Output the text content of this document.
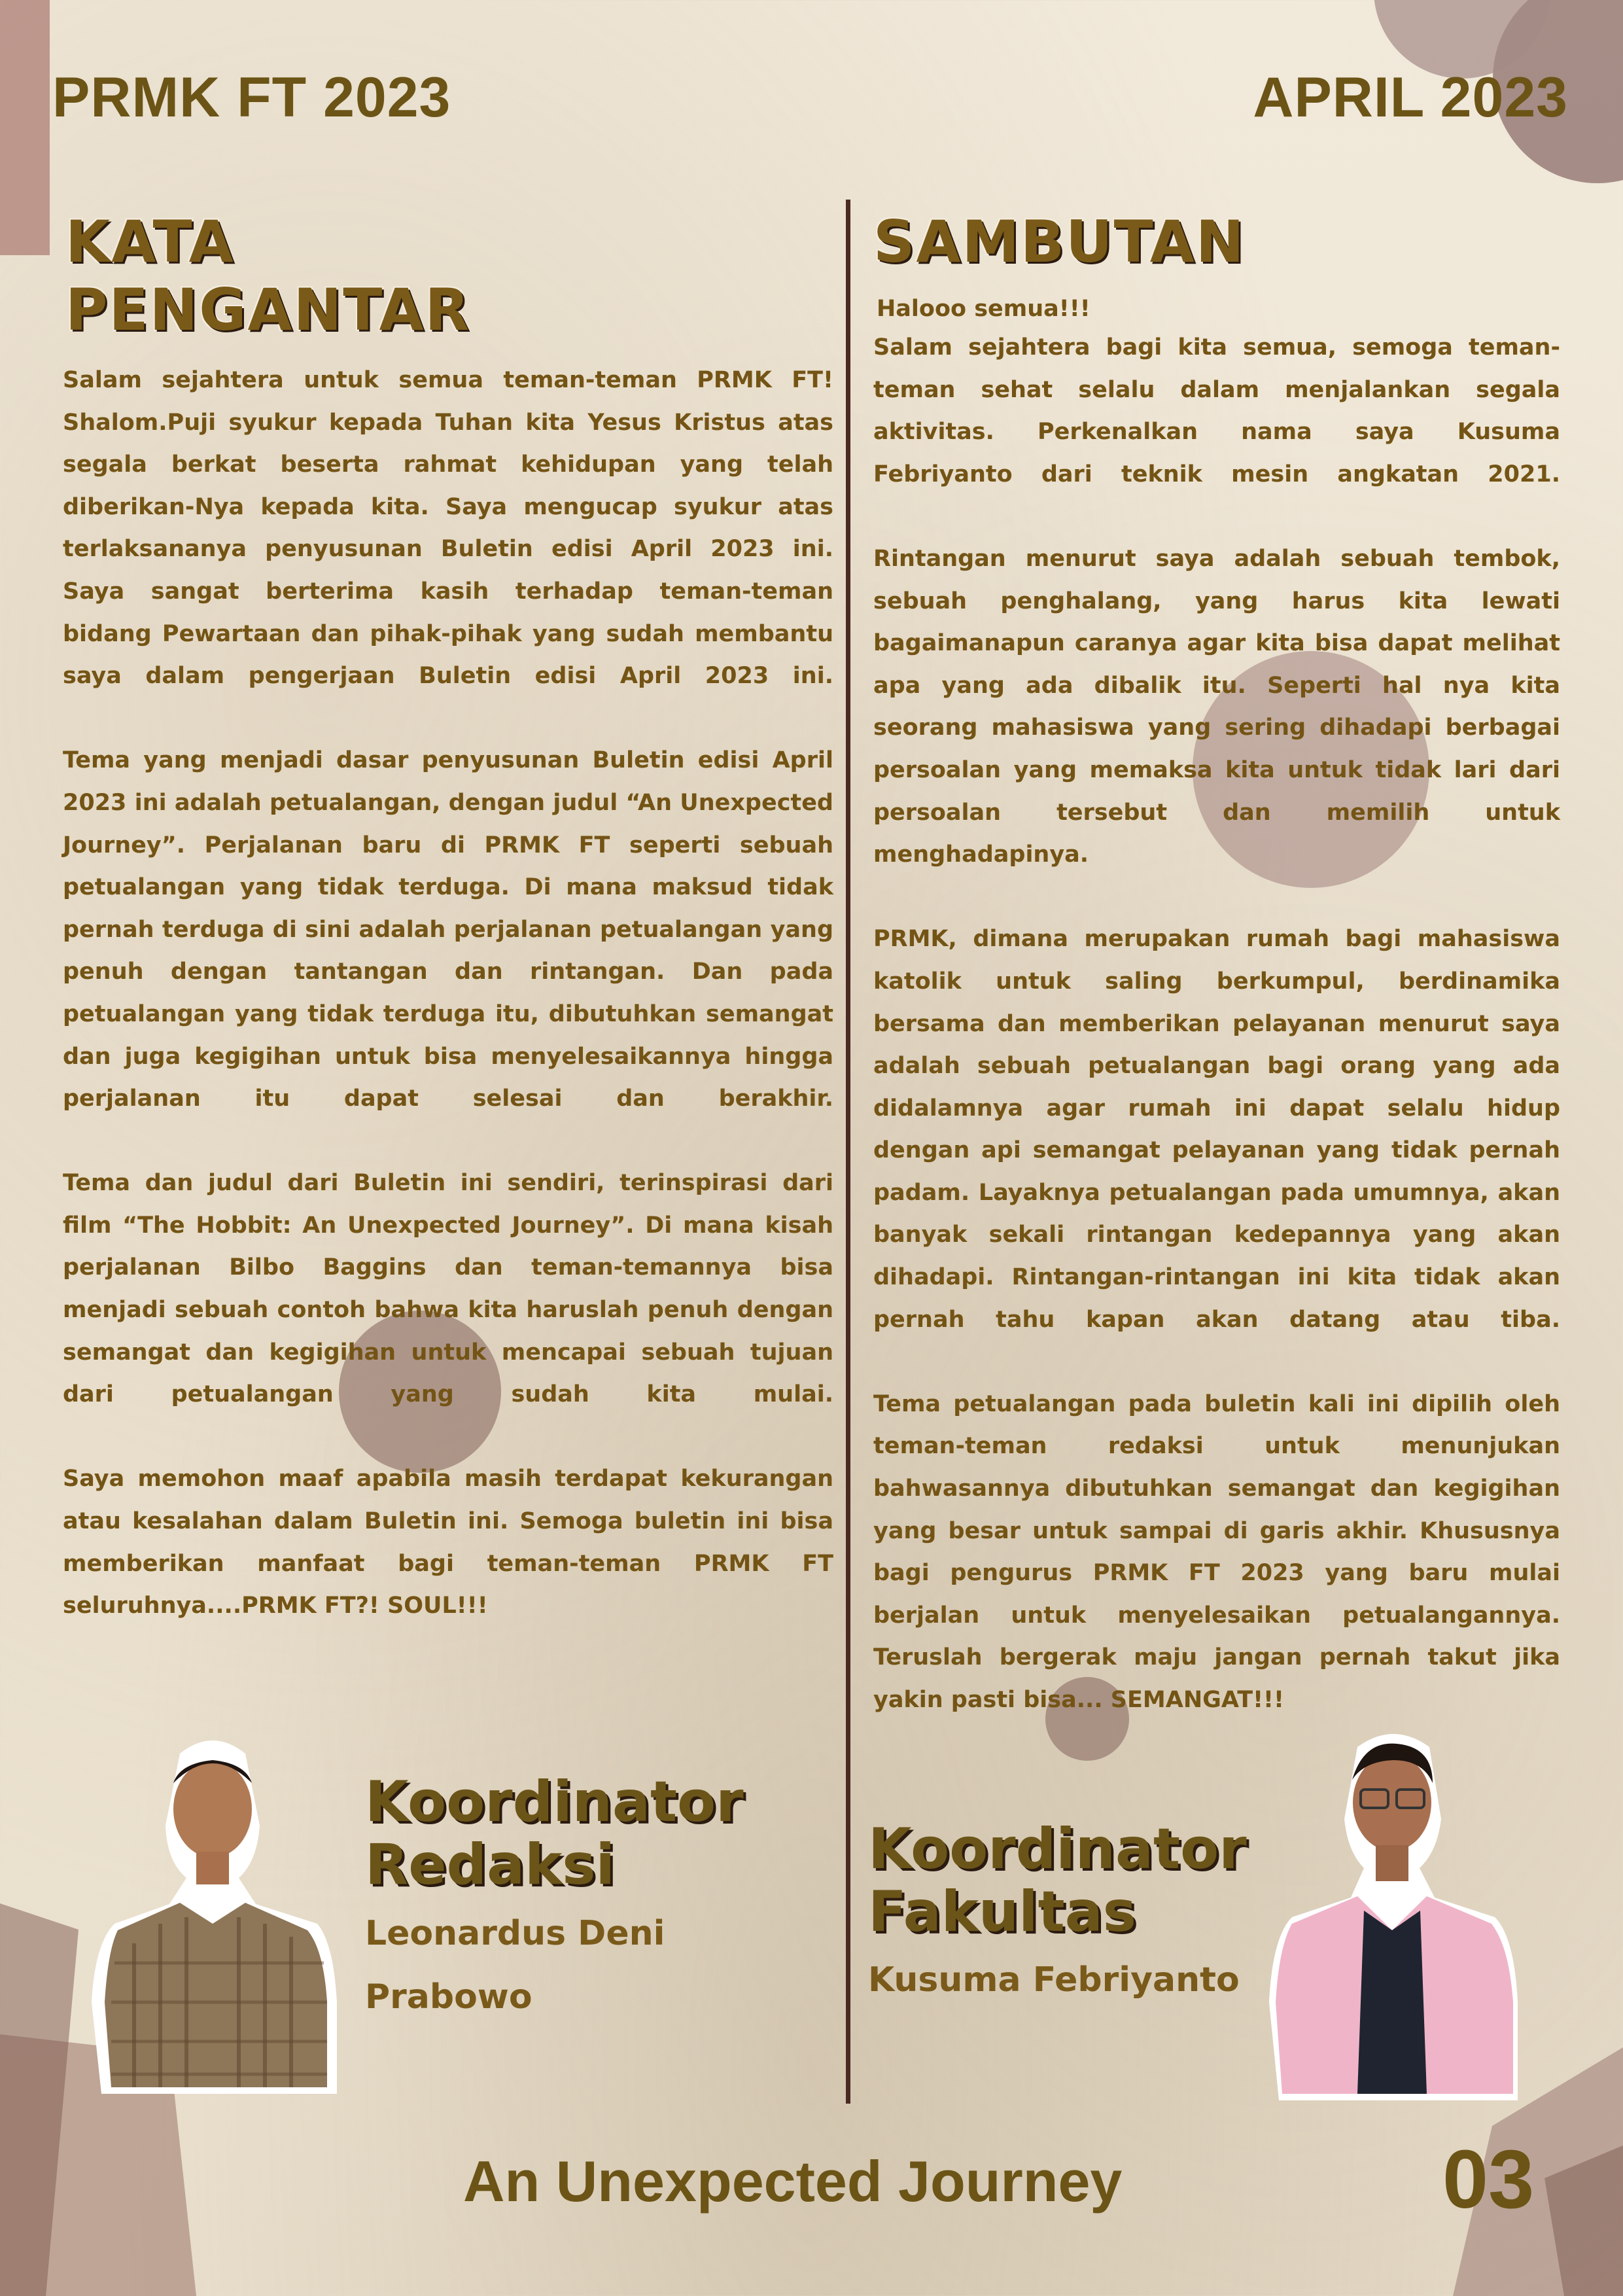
PRMK FT 2023	APRIL 2023
KATA
PENGANTAR

Salam sejahtera untuk semua teman-teman PRMK FT! Shalom.Puji syukur kepada Tuhan kita Yesus Kristus atas segala berkat beserta rahmat kehidupan yang telah diberikan-Nya kepada kita. Saya mengucap syukur atas terlaksananya penyusunan Buletin edisi April 2023 ini. Saya sangat berterima kasih terhadap teman-teman bidang Pewartaan dan pihak-pihak yang sudah membantu saya dalam pengerjaan Buletin edisi April 2023 ini.

Tema yang menjadi dasar penyusunan Buletin edisi April 2023 ini adalah petualangan, dengan judul “An Unexpected Journey”. Perjalanan baru di PRMK FT seperti sebuah petualangan yang tidak terduga. Di mana maksud tidak pernah terduga di sini adalah perjalanan petualangan yang penuh dengan tantangan dan rintangan. Dan pada petualangan yang tidak terduga itu, dibutuhkan semangat dan juga kegigihan untuk bisa menyelesaikannya hingga perjalanan itu dapat selesai dan berakhir.

Tema dan judul dari Buletin ini sendiri, terinspirasi dari film “The Hobbit: An Unexpected Journey”. Di mana kisah perjalanan Bilbo Baggins dan teman-temannya bisa menjadi sebuah contoh bahwa kita haruslah penuh dengan semangat dan kegigihan untuk mencapai sebuah tujuan dari petualangan yang sudah kita mulai.

Saya memohon maaf apabila masih terdapat kekurangan atau kesalahan dalam Buletin ini. Semoga buletin ini bisa memberikan manfaat bagi teman-teman PRMK FT seluruhnya....PRMK FT?! SOUL!!!

SAMBUTAN
Halooo semua!!!

Salam sejahtera bagi kita semua, semoga teman-teman sehat selalu dalam menjalankan segala aktivitas. Perkenalkan nama saya Kusuma Febriyanto dari teknik mesin angkatan 2021.

Rintangan menurut saya adalah sebuah tembok, sebuah penghalang, yang harus kita lewati bagaimanapun caranya agar kita bisa dapat melihat apa yang ada dibalik itu. Seperti hal nya kita seorang mahasiswa yang sering dihadapi berbagai persoalan yang memaksa kita untuk tidak lari dari persoalan tersebut dan memilih untuk menghadapinya.

PRMK, dimana merupakan rumah bagi mahasiswa katolik untuk saling berkumpul, berdinamika bersama dan memberikan pelayanan menurut saya adalah sebuah petualangan bagi orang yang ada didalamnya agar rumah ini dapat selalu hidup dengan api semangat pelayanan yang tidak pernah padam. Layaknya petualangan pada umumnya, akan banyak sekali rintangan kedepannya yang akan dihadapi. Rintangan-rintangan ini kita tidak akan pernah tahu kapan akan datang atau tiba.

Tema petualangan pada buletin kali ini dipilih oleh teman-teman redaksi untuk menunjukan bahwasannya dibutuhkan semangat dan kegigihan yang besar untuk sampai di garis akhir. Khususnya bagi pengurus PRMK FT 2023 yang baru mulai berjalan untuk menyelesaikan petualangannya. Teruslah bergerak maju jangan pernah takut jika yakin pasti bisa... SEMANGAT!!!

Koordinator
Redaksi
Leonardus Deni
Prabowo
Koordinator
Fakultas
Kusuma Febriyanto
An Unexpected Journey	03
